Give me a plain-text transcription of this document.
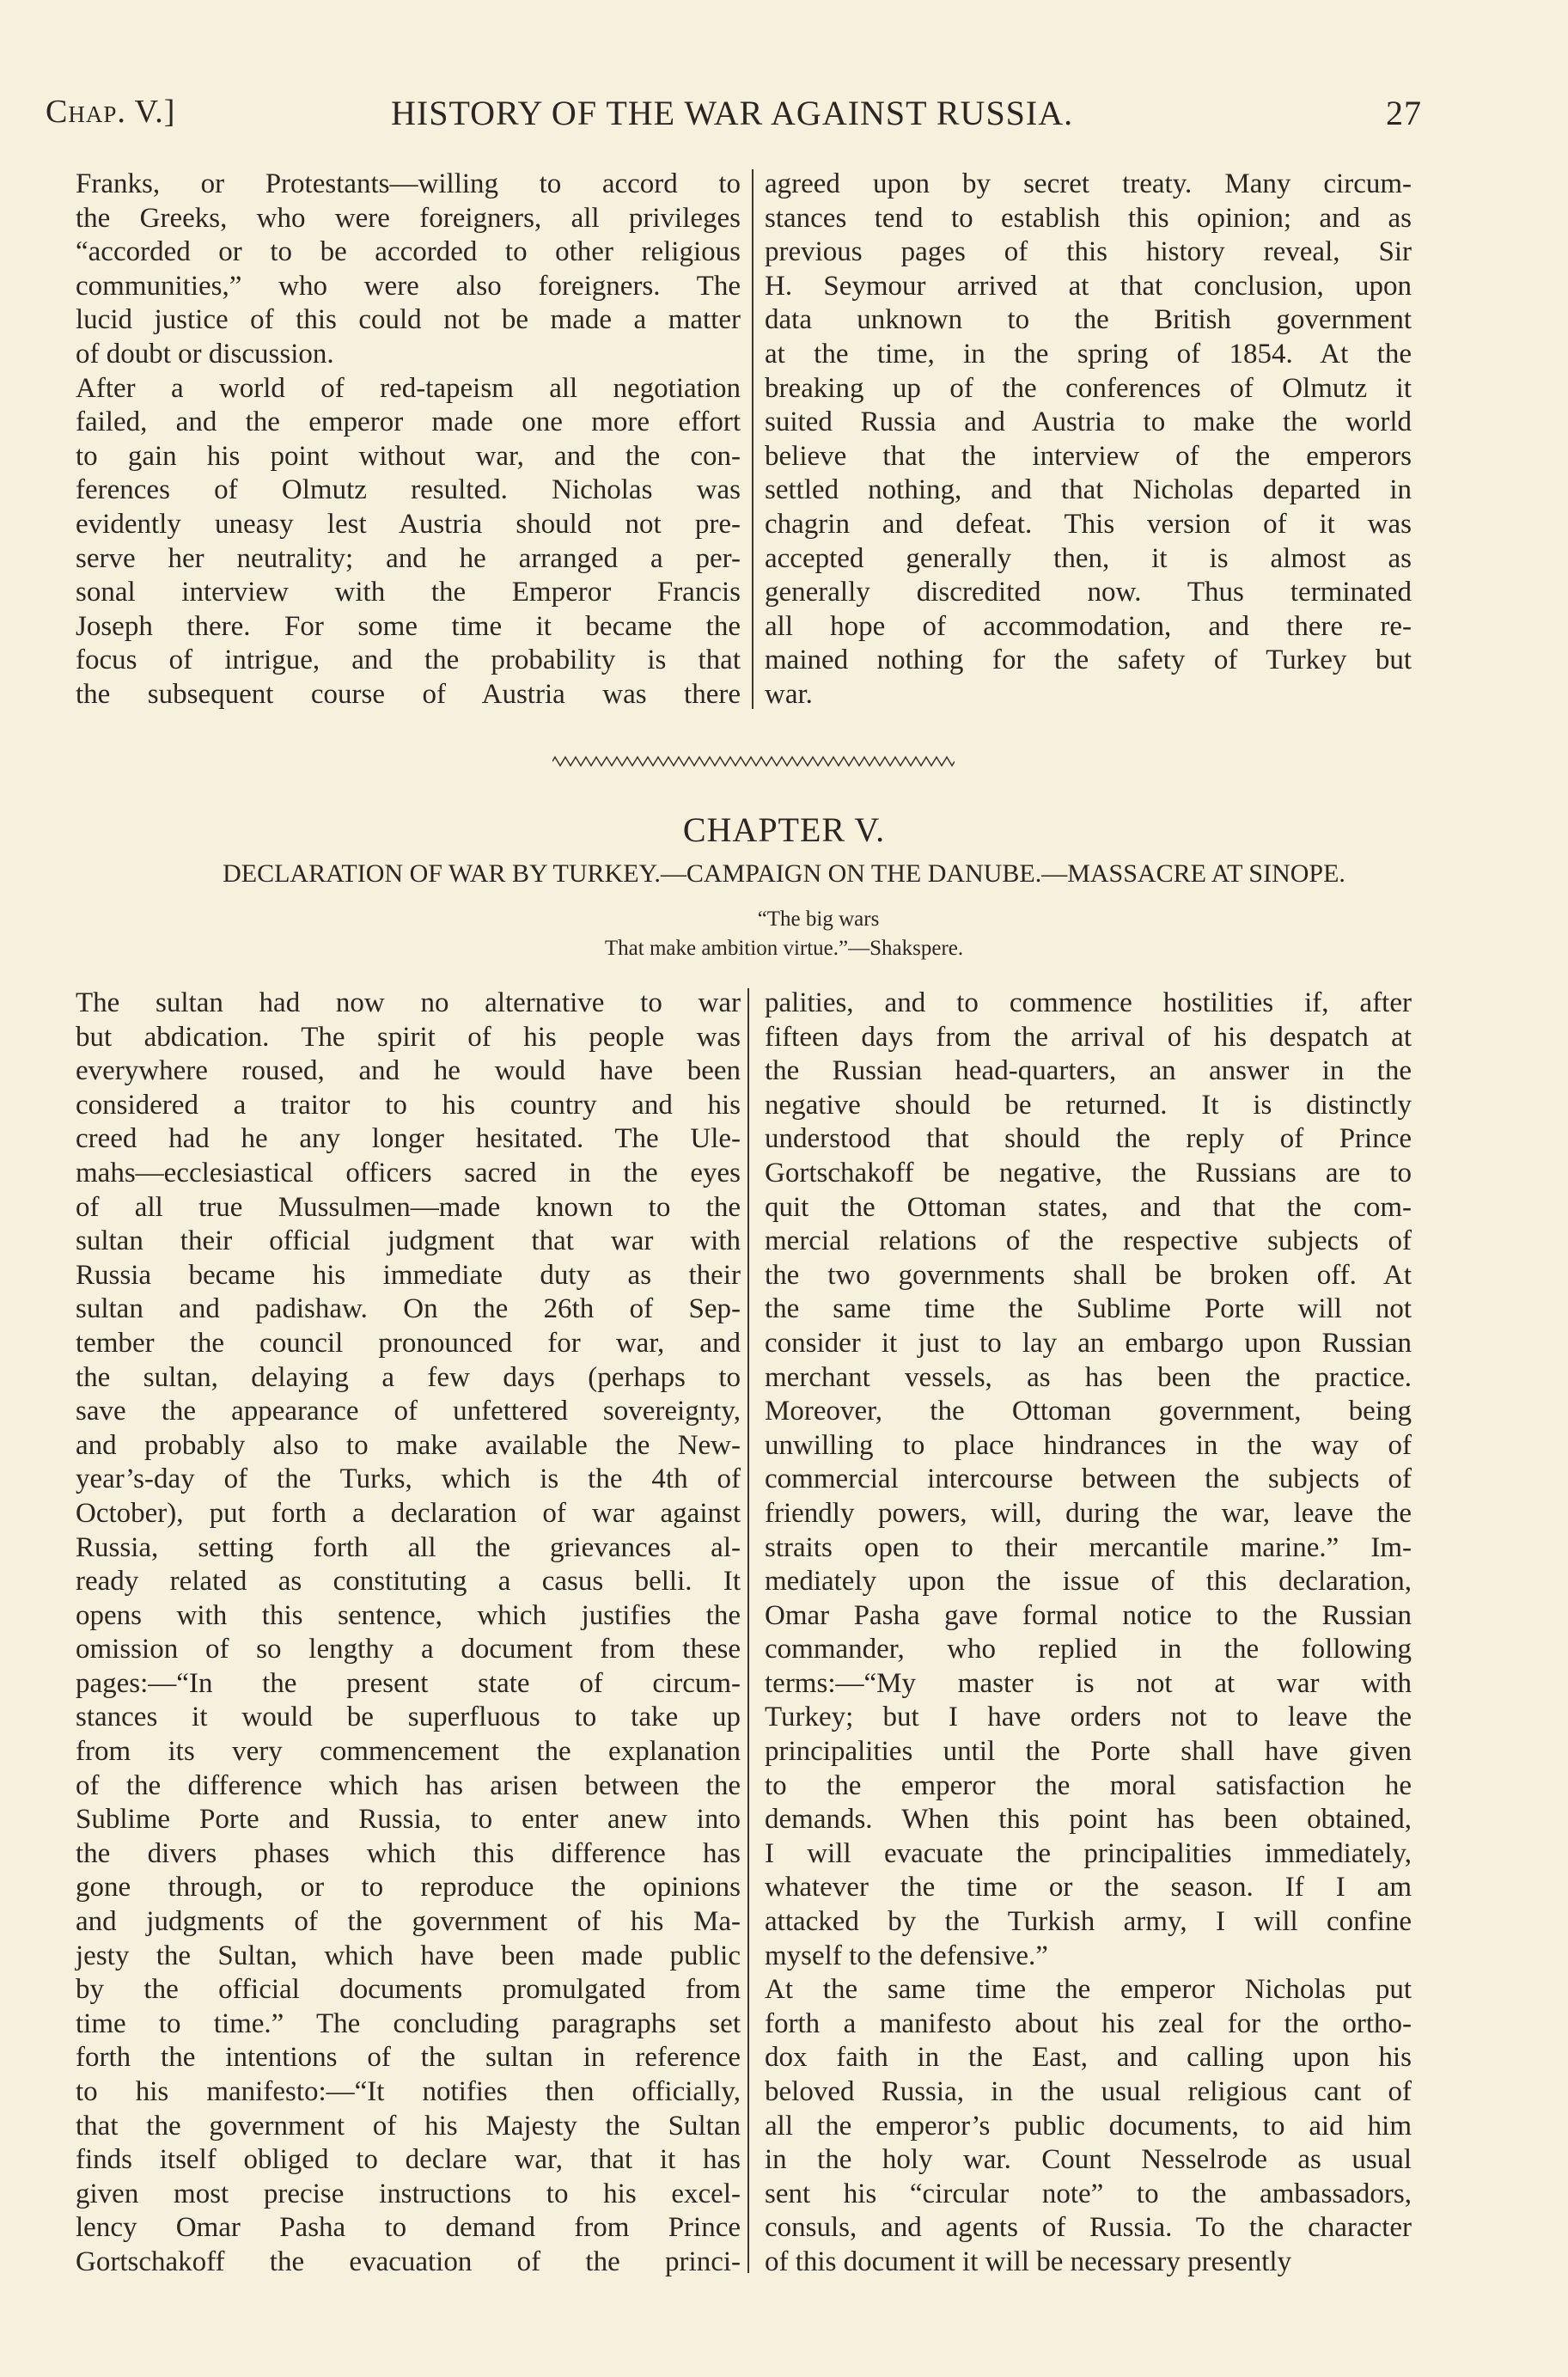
Chap. V.]	HISTORY OF THE WAR AGAINST RUSSIA.	27
Franks, or Protestants—willing to accord to
the Greeks, who were foreigners, all privileges
“accorded or to be accorded to other religious
communities,” who were also foreigners. The
lucid justice of this could not be made a matter
of doubt or discussion.
After a world of red-tapeism all negotiation
failed, and the emperor made one more effort
to gain his point without war, and the con-
ferences of Olmutz resulted. Nicholas was
evidently uneasy lest Austria should not pre-
serve her neutrality; and he arranged a per-
sonal interview with the Emperor Francis
Joseph there. For some time it became the
focus of intrigue, and the probability is that
the subsequent course of Austria was there
agreed upon by secret treaty. Many circum-
stances tend to establish this opinion; and as
previous pages of this history reveal, Sir
H. Seymour arrived at that conclusion, upon
data unknown to the British government
at the time, in the spring of 1854. At the
breaking up of the conferences of Olmutz it
suited Russia and Austria to make the world
believe that the interview of the emperors
settled nothing, and that Nicholas departed in
chagrin and defeat. This version of it was
accepted generally then, it is almost as
generally discredited now. Thus terminated
all hope of accommodation, and there re-
mained nothing for the safety of Turkey but
war.
CHAPTER V.
DECLARATION OF WAR BY TURKEY.—CAMPAIGN ON THE DANUBE.—MASSACRE AT SINOPE.
“The big wars
That make ambition virtue.”—Shakspere.
The sultan had now no alternative to war
but abdication. The spirit of his people was
everywhere roused, and he would have been
considered a traitor to his country and his
creed had he any longer hesitated. The Ule-
mahs—ecclesiastical officers sacred in the eyes
of all true Mussulmen—made known to the
sultan their official judgment that war with
Russia became his immediate duty as their
sultan and padishaw. On the 26th of Sep-
tember the council pronounced for war, and
the sultan, delaying a few days (perhaps to
save the appearance of unfettered sovereignty,
and probably also to make available the New-
year’s-day of the Turks, which is the 4th of
October), put forth a declaration of war against
Russia, setting forth all the grievances al-
ready related as constituting a casus belli. It
opens with this sentence, which justifies the
omission of so lengthy a document from these
pages:—“In the present state of circum-
stances it would be superfluous to take up
from its very commencement the explanation
of the difference which has arisen between the
Sublime Porte and Russia, to enter anew into
the divers phases which this difference has
gone through, or to reproduce the opinions
and judgments of the government of his Ma-
jesty the Sultan, which have been made public
by the official documents promulgated from
time to time.” The concluding paragraphs set
forth the intentions of the sultan in reference
to his manifesto:—“It notifies then officially,
that the government of his Majesty the Sultan
finds itself obliged to declare war, that it has
given most precise instructions to his excel-
lency Omar Pasha to demand from Prince
Gortschakoff the evacuation of the princi-
palities, and to commence hostilities if, after
fifteen days from the arrival of his despatch at
the Russian head-quarters, an answer in the
negative should be returned. It is distinctly
understood that should the reply of Prince
Gortschakoff be negative, the Russians are to
quit the Ottoman states, and that the com-
mercial relations of the respective subjects of
the two governments shall be broken off. At
the same time the Sublime Porte will not
consider it just to lay an embargo upon Russian
merchant vessels, as has been the practice.
Moreover, the Ottoman government, being
unwilling to place hindrances in the way of
commercial intercourse between the subjects of
friendly powers, will, during the war, leave the
straits open to their mercantile marine.” Im-
mediately upon the issue of this declaration,
Omar Pasha gave formal notice to the Russian
commander, who replied in the following
terms:—“My master is not at war with
Turkey; but I have orders not to leave the
principalities until the Porte shall have given
to the emperor the moral satisfaction he
demands. When this point has been obtained,
I will evacuate the principalities immediately,
whatever the time or the season. If I am
attacked by the Turkish army, I will confine
myself to the defensive.”
At the same time the emperor Nicholas put
forth a manifesto about his zeal for the ortho-
dox faith in the East, and calling upon his
beloved Russia, in the usual religious cant of
all the emperor’s public documents, to aid him
in the holy war. Count Nesselrode as usual
sent his “circular note” to the ambassadors,
consuls, and agents of Russia. To the character
of this document it will be necessary presently
